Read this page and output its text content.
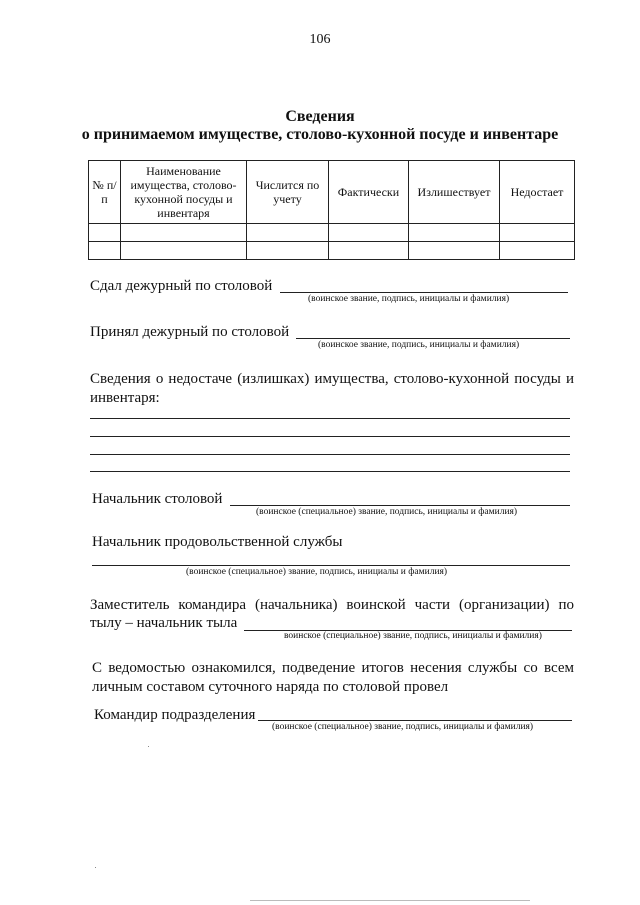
106
Сведения
о принимаемом имуществе, столово-кухонной посуде и инвентаре
№ п/п	Наименование имущества, столово-кухонной посуды и инвентаря	Числится по учету	Фактически	Излишествует	Недостает

Сдал дежурный по столовой
(воинское звание, подпись, инициалы и фамилия)
Принял дежурный по столовой
(воинское звание, подпись, инициалы и фамилия)
Сведения о недостаче (излишках) имущества, столово-кухонной посуды и
инвентаря:
Начальник столовой
(воинское (специальное) звание, подпись, инициалы и фамилия)
Начальник продовольственной службы
(воинское (специальное) звание, подпись, инициалы и фамилия)
Заместитель командира (начальника) воинской части (организации) по
тылу – начальник тыла
воинское (специальное) звание, подпись, инициалы и фамилия)
С ведомостью ознакомился, подведение итогов несения службы со всем
личным составом суточного наряда по столовой провел
Командир подразделения
(воинское (специальное) звание, подпись, инициалы и фамилия)
